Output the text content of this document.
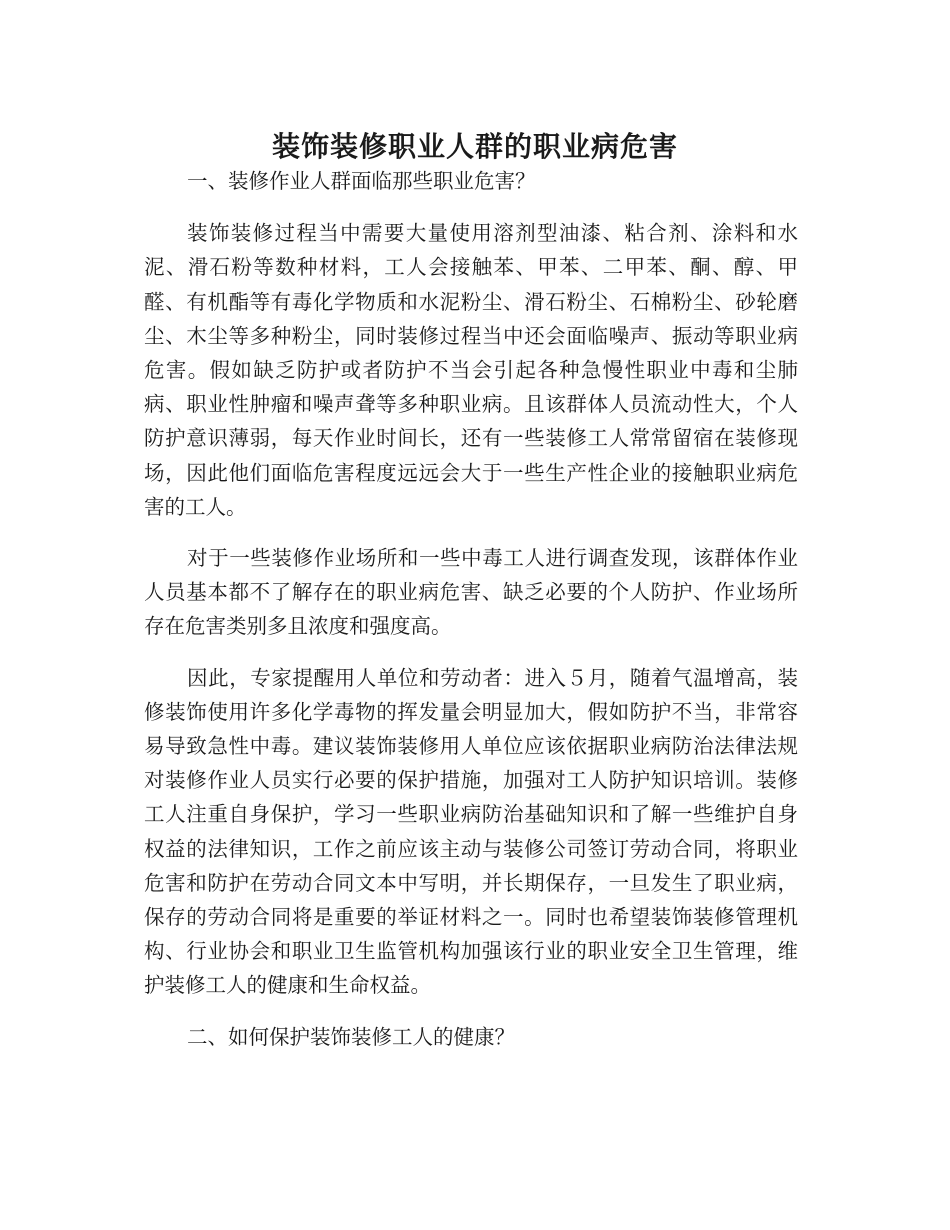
装饰装修职业人群的职业病危害

一、装修作业人群面临那些职业危害？

装饰装修过程当中需要大量使用溶剂型油漆、粘合剂、涂料和水泥、滑石粉等数种材料，工人会接触苯、甲苯、二甲苯、酮、醇、甲醛、有机酯等有毒化学物质和水泥粉尘、滑石粉尘、石棉粉尘、砂轮磨尘、木尘等多种粉尘，同时装修过程当中还会面临噪声、振动等职业病危害。假如缺乏防护或者防护不当会引起各种急慢性职业中毒和尘肺病、职业性肿瘤和噪声聋等多种职业病。且该群体人员流动性大，个人防护意识薄弱，每天作业时间长，还有一些装修工人常常留宿在装修现场，因此他们面临危害程度远远会大于一些生产性企业的接触职业病危害的工人。

对于一些装修作业场所和一些中毒工人进行调查发现，该群体作业人员基本都不了解存在的职业病危害、缺乏必要的个人防护、作业场所存在危害类别多且浓度和强度高。

因此，专家提醒用人单位和劳动者：进入５月，随着气温增高，装修装饰使用许多化学毒物的挥发量会明显加大，假如防护不当，非常容易导致急性中毒。建议装饰装修用人单位应该依据职业病防治法律法规对装修作业人员实行必要的保护措施，加强对工人防护知识培训。装修工人注重自身保护，学习一些职业病防治基础知识和了解一些维护自身权益的法律知识，工作之前应该主动与装修公司签订劳动合同，将职业危害和防护在劳动合同文本中写明，并长期保存，一旦发生了职业病，保存的劳动合同将是重要的举证材料之一。同时也希望装饰装修管理机构、行业协会和职业卫生监管机构加强该行业的职业安全卫生管理，维护装修工人的健康和生命权益。

二、如何保护装饰装修工人的健康？
